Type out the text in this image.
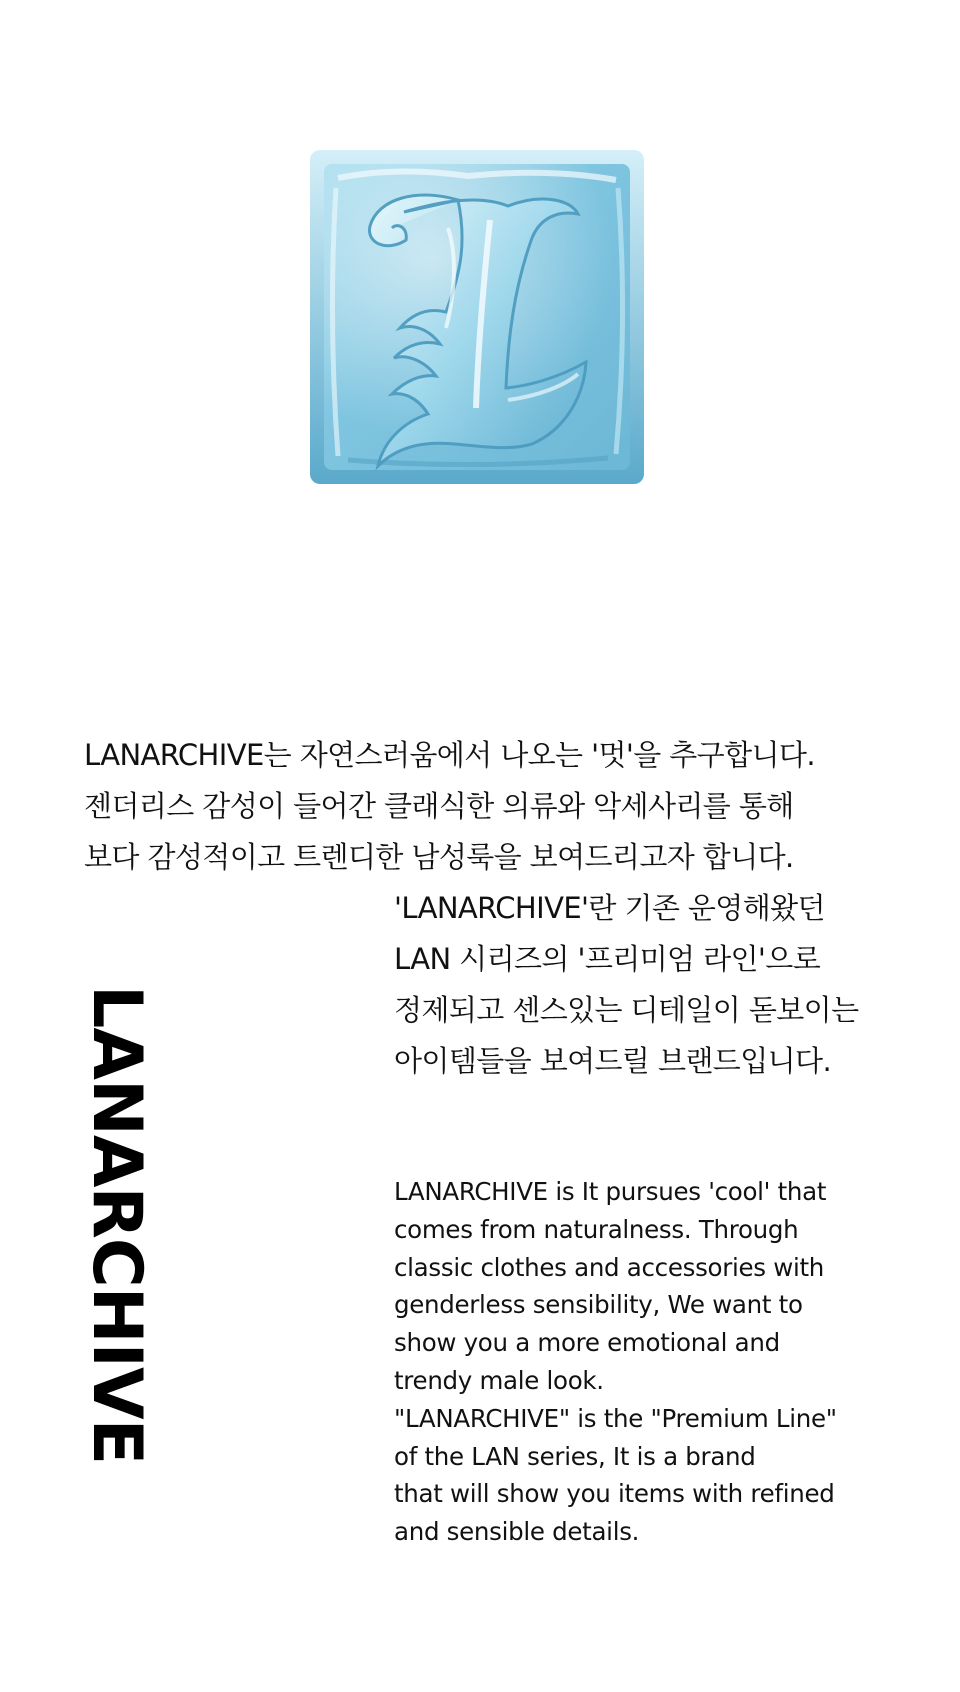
LANARCHIVE는 자연스러움에서 나오는 '멋'을 추구합니다.
젠더리스 감성이 들어간 클래식한 의류와 악세사리를 통해
보다 감성적이고 트렌디한 남성룩을 보여드리고자 합니다.
'LANARCHIVE'란 기존 운영해왔던
LAN 시리즈의 '프리미엄 라인'으로
정제되고 센스있는 디테일이 돋보이는
아이템들을 보여드릴 브랜드입니다.
LANARCHIVE	LANARCHIVE is It pursues 'cool' that
comes from naturalness. Through
classic clothes and accessories with
genderless sensibility, We want to
show you a more emotional and
trendy male look.
"LANARCHIVE" is the "Premium Line"
of the LAN series, It is a brand
that will show you items with refined
and sensible details.
